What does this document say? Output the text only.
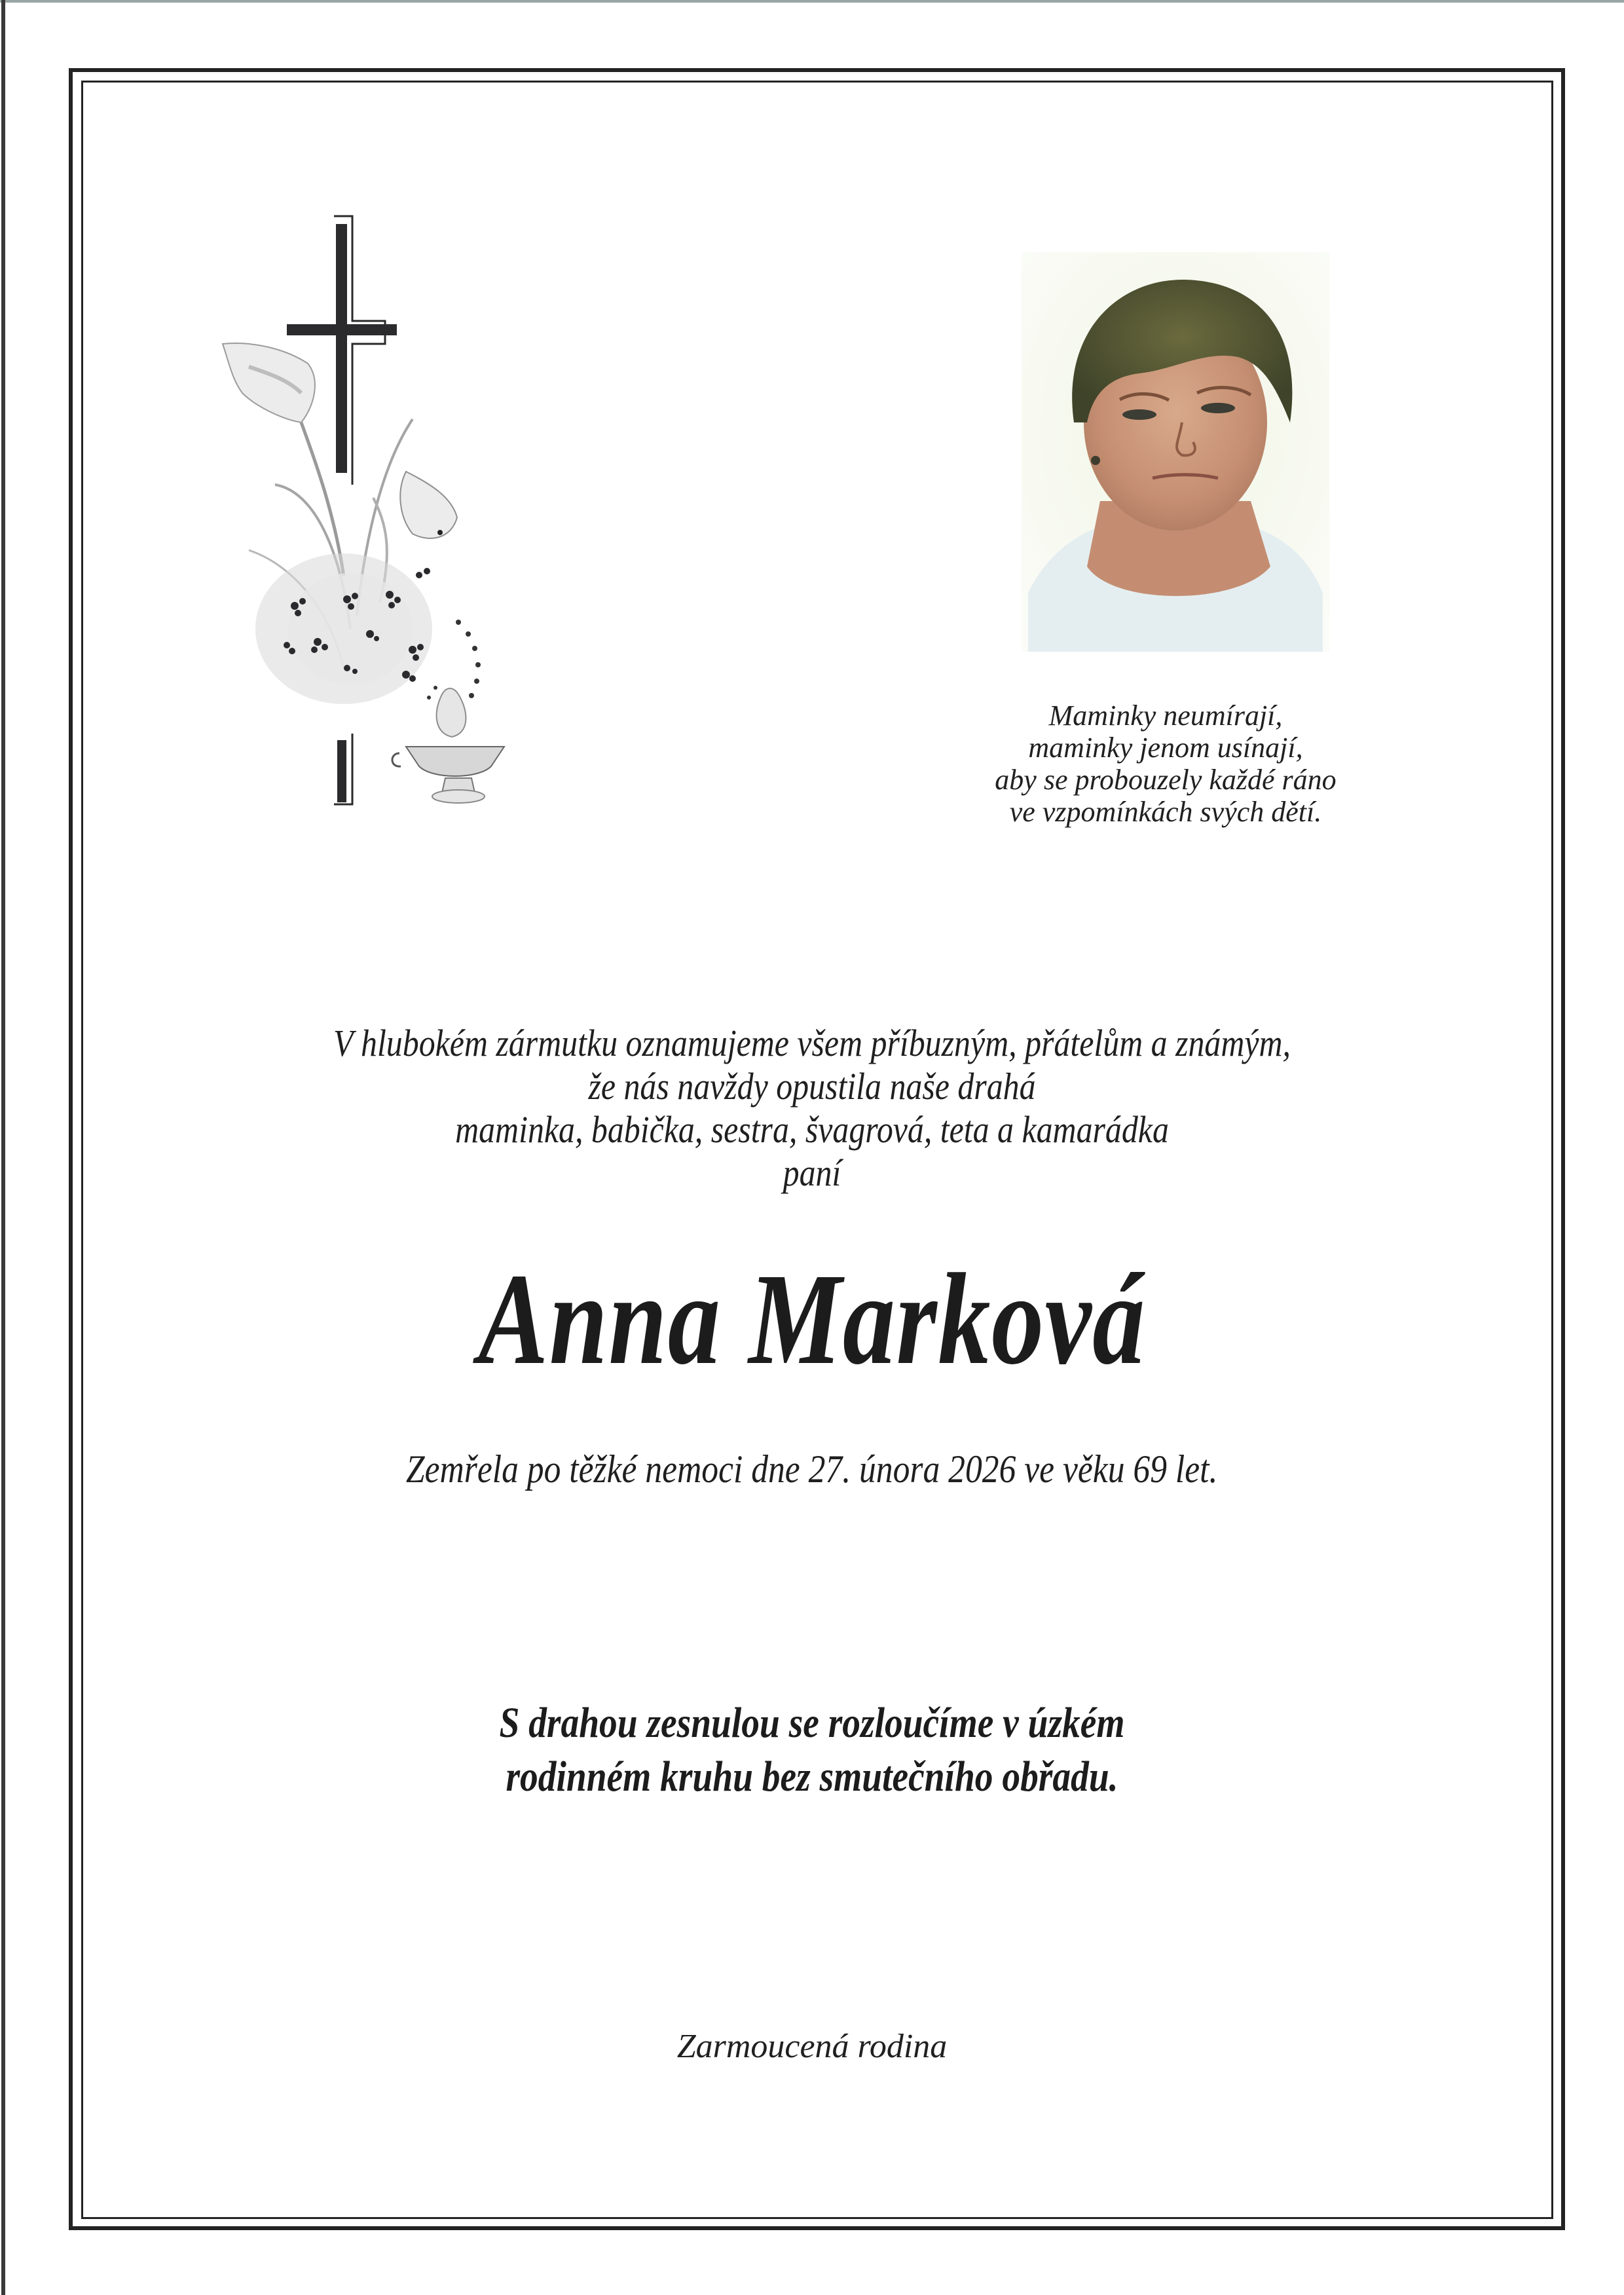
Maminky neumírají,
maminky jenom usínají,
aby se probouzely každé ráno
ve vzpomínkách svých dětí.
V hlubokém zármutku oznamujeme všem příbuzným, přátelům a známým,
že nás navždy opustila naše drahá
maminka, babička, sestra, švagrová, teta a kamarádka
paní
Anna Marková
Zemřela po těžké nemoci dne 27. února 2026 ve věku 69 let.
S drahou zesnulou se rozloučíme v úzkém
rodinném kruhu bez smutečního obřadu.
Zarmoucená rodina
